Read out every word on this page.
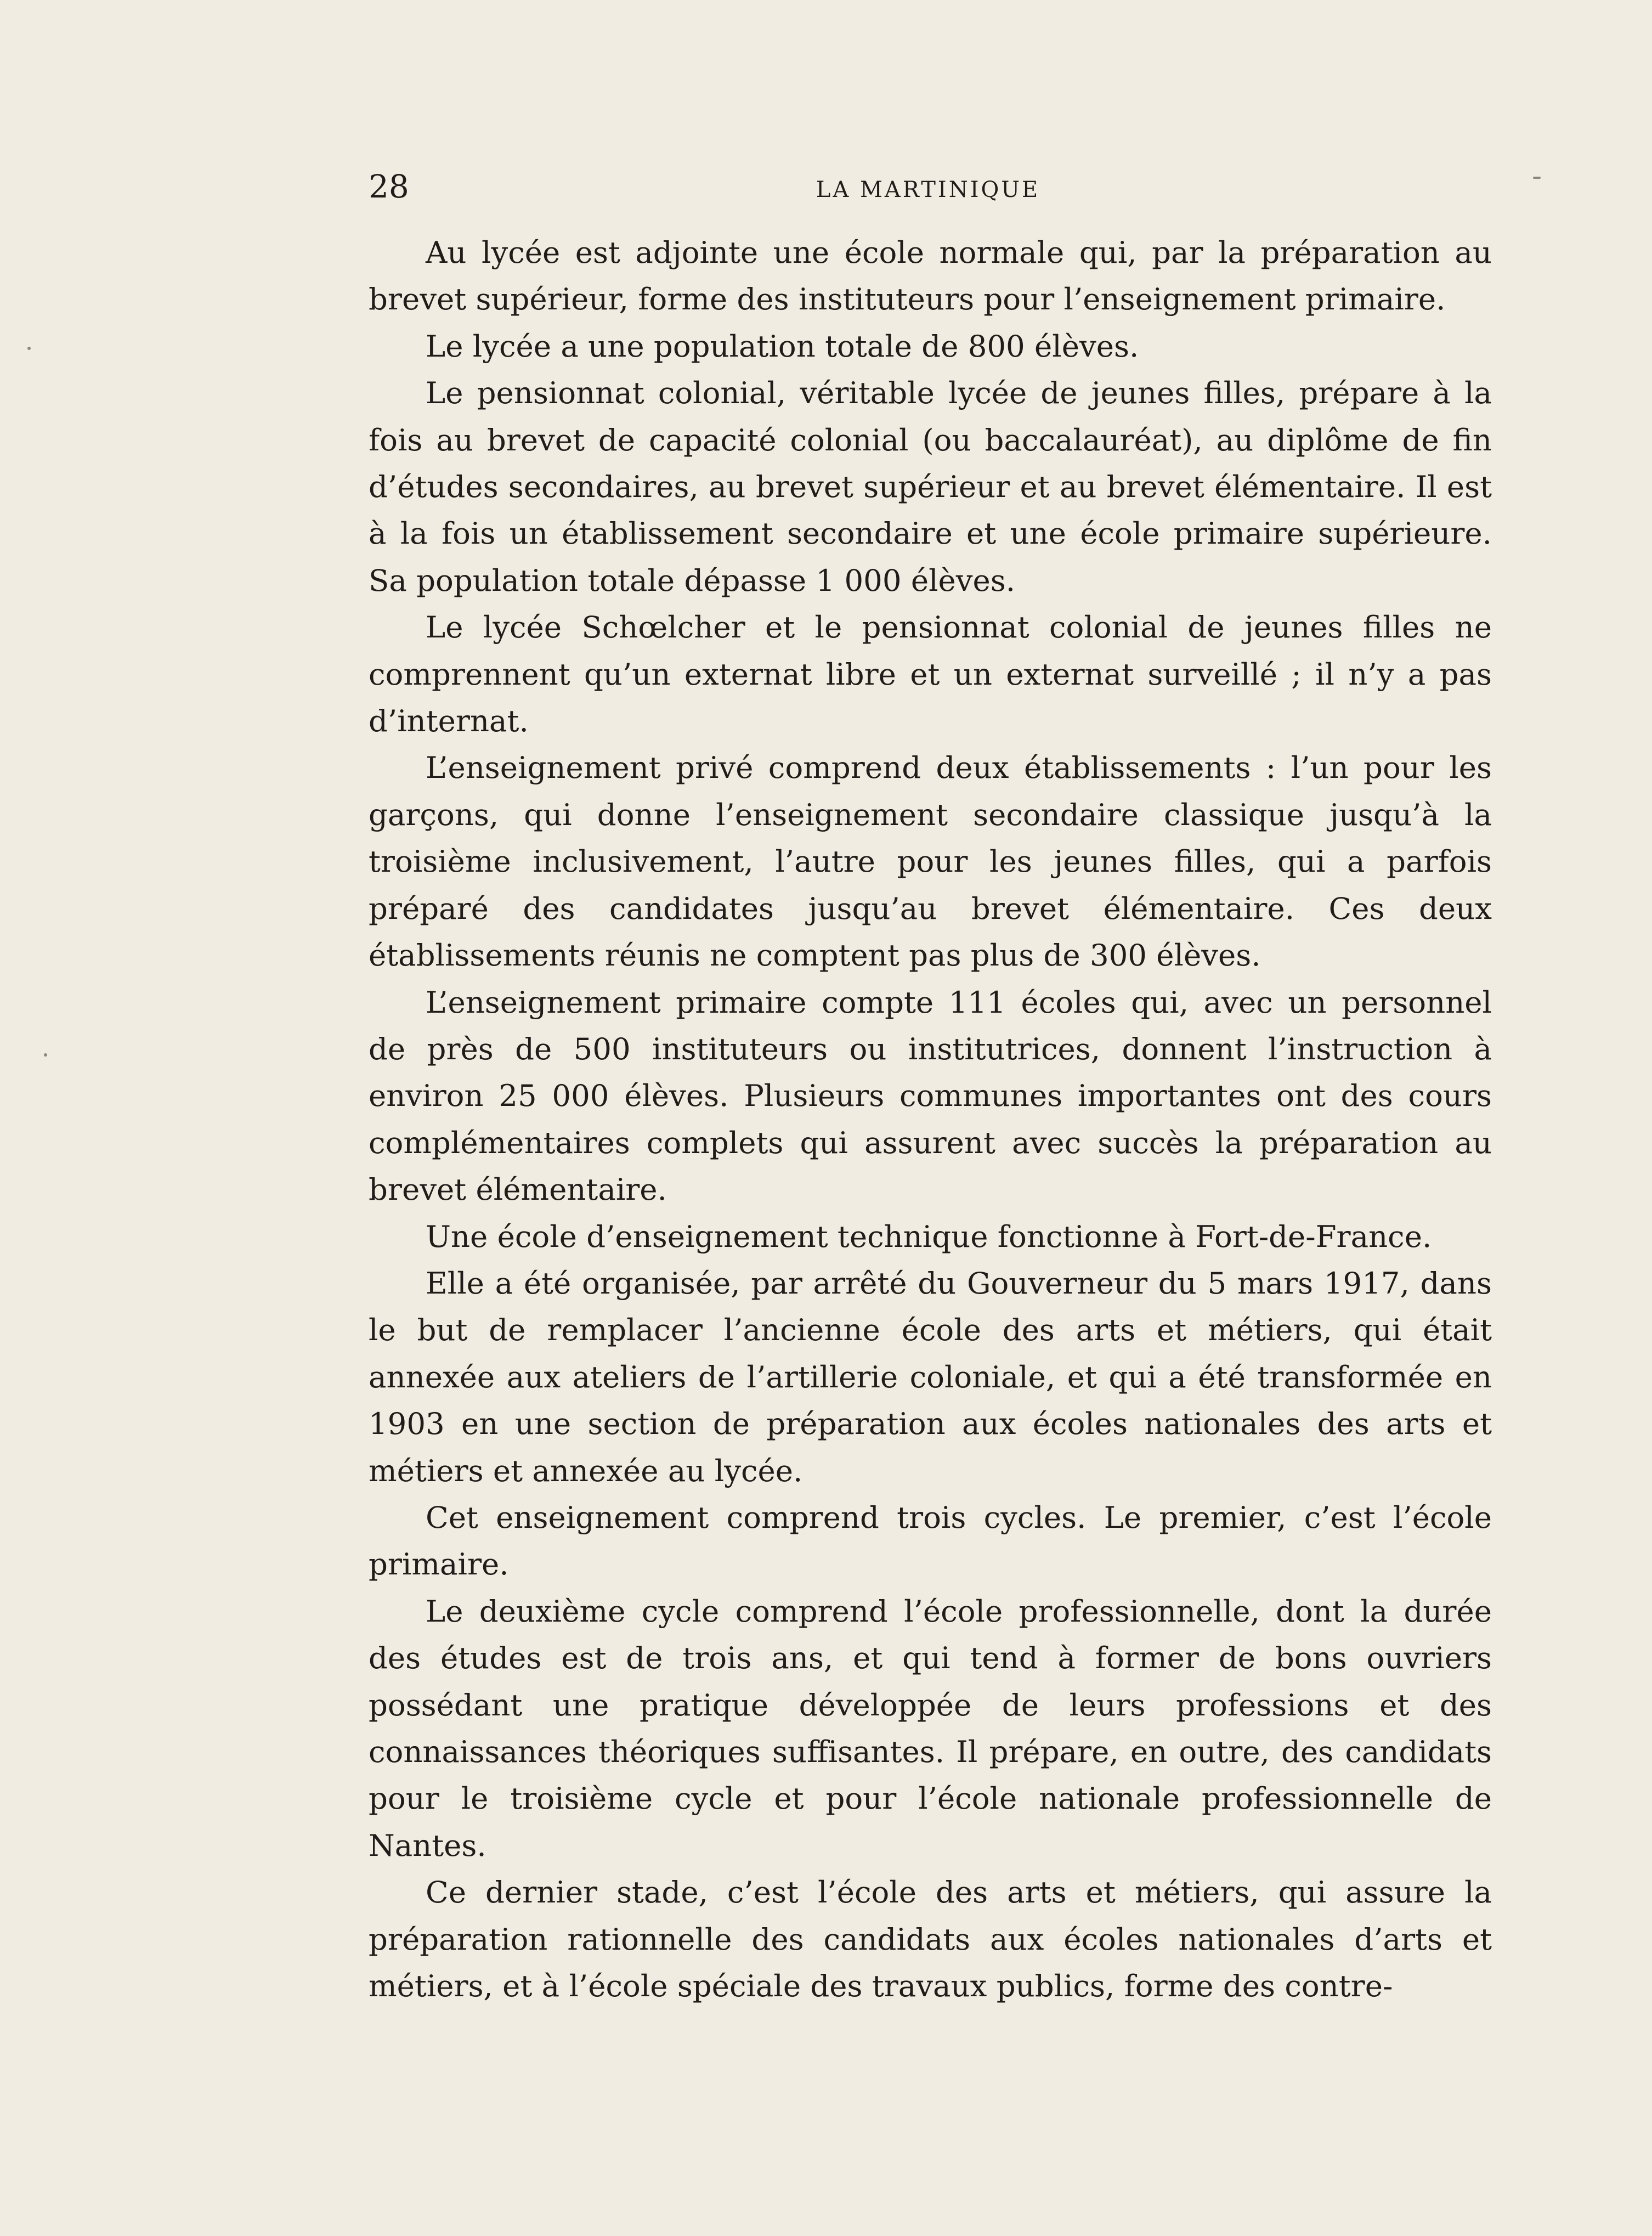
28	LA MARTINIQUE

Au lycée est adjointe une école normale qui, par la préparation au brevet supérieur, forme des instituteurs pour l’enseignement primaire.

Le lycée a une population totale de 800 élèves.

Le pensionnat colonial, véritable lycée de jeunes filles, prépare à la fois au brevet de capacité colonial (ou baccalauréat), au diplôme de fin d’études secondaires, au brevet supérieur et au brevet élémentaire. Il est à la fois un établissement secondaire et une école primaire supérieure. Sa population totale dépasse 1 000 élèves.

Le lycée Schœlcher et le pensionnat colonial de jeunes filles ne comprennent qu’un externat libre et un externat surveillé ; il n’y a pas d’internat.

L’enseignement privé comprend deux établissements : l’un pour les garçons, qui donne l’enseignement secondaire classique jusqu’à la troisième inclusivement, l’autre pour les jeunes filles, qui a parfois préparé des candidates jusqu’au brevet élémentaire. Ces deux établissements réunis ne comptent pas plus de 300 élèves.

L’enseignement primaire compte 111 écoles qui, avec un personnel de près de 500 instituteurs ou institutrices, donnent l’instruction à environ 25 000 élèves. Plusieurs communes importantes ont des cours complémentaires complets qui assurent avec succès la préparation au brevet élémentaire.

Une école d’enseignement technique fonctionne à Fort-de-France.

Elle a été organisée, par arrêté du Gouverneur du 5 mars 1917, dans le but de remplacer l’ancienne école des arts et métiers, qui était annexée aux ateliers de l’artillerie coloniale, et qui a été transformée en 1903 en une section de préparation aux écoles nationales des arts et métiers et annexée au lycée.

Cet enseignement comprend trois cycles. Le premier, c’est l’école primaire.

Le deuxième cycle comprend l’école professionnelle, dont la durée des études est de trois ans, et qui tend à former de bons ouvriers possédant une pratique développée de leurs professions et des connaissances théoriques suffisantes. Il prépare, en outre, des candidats pour le troisième cycle et pour l’école nationale professionnelle de Nantes.

Ce dernier stade, c’est l’école des arts et métiers, qui assure la préparation rationnelle des candidats aux écoles nationales d’arts et métiers, et à l’école spéciale des travaux publics, forme des contre-
